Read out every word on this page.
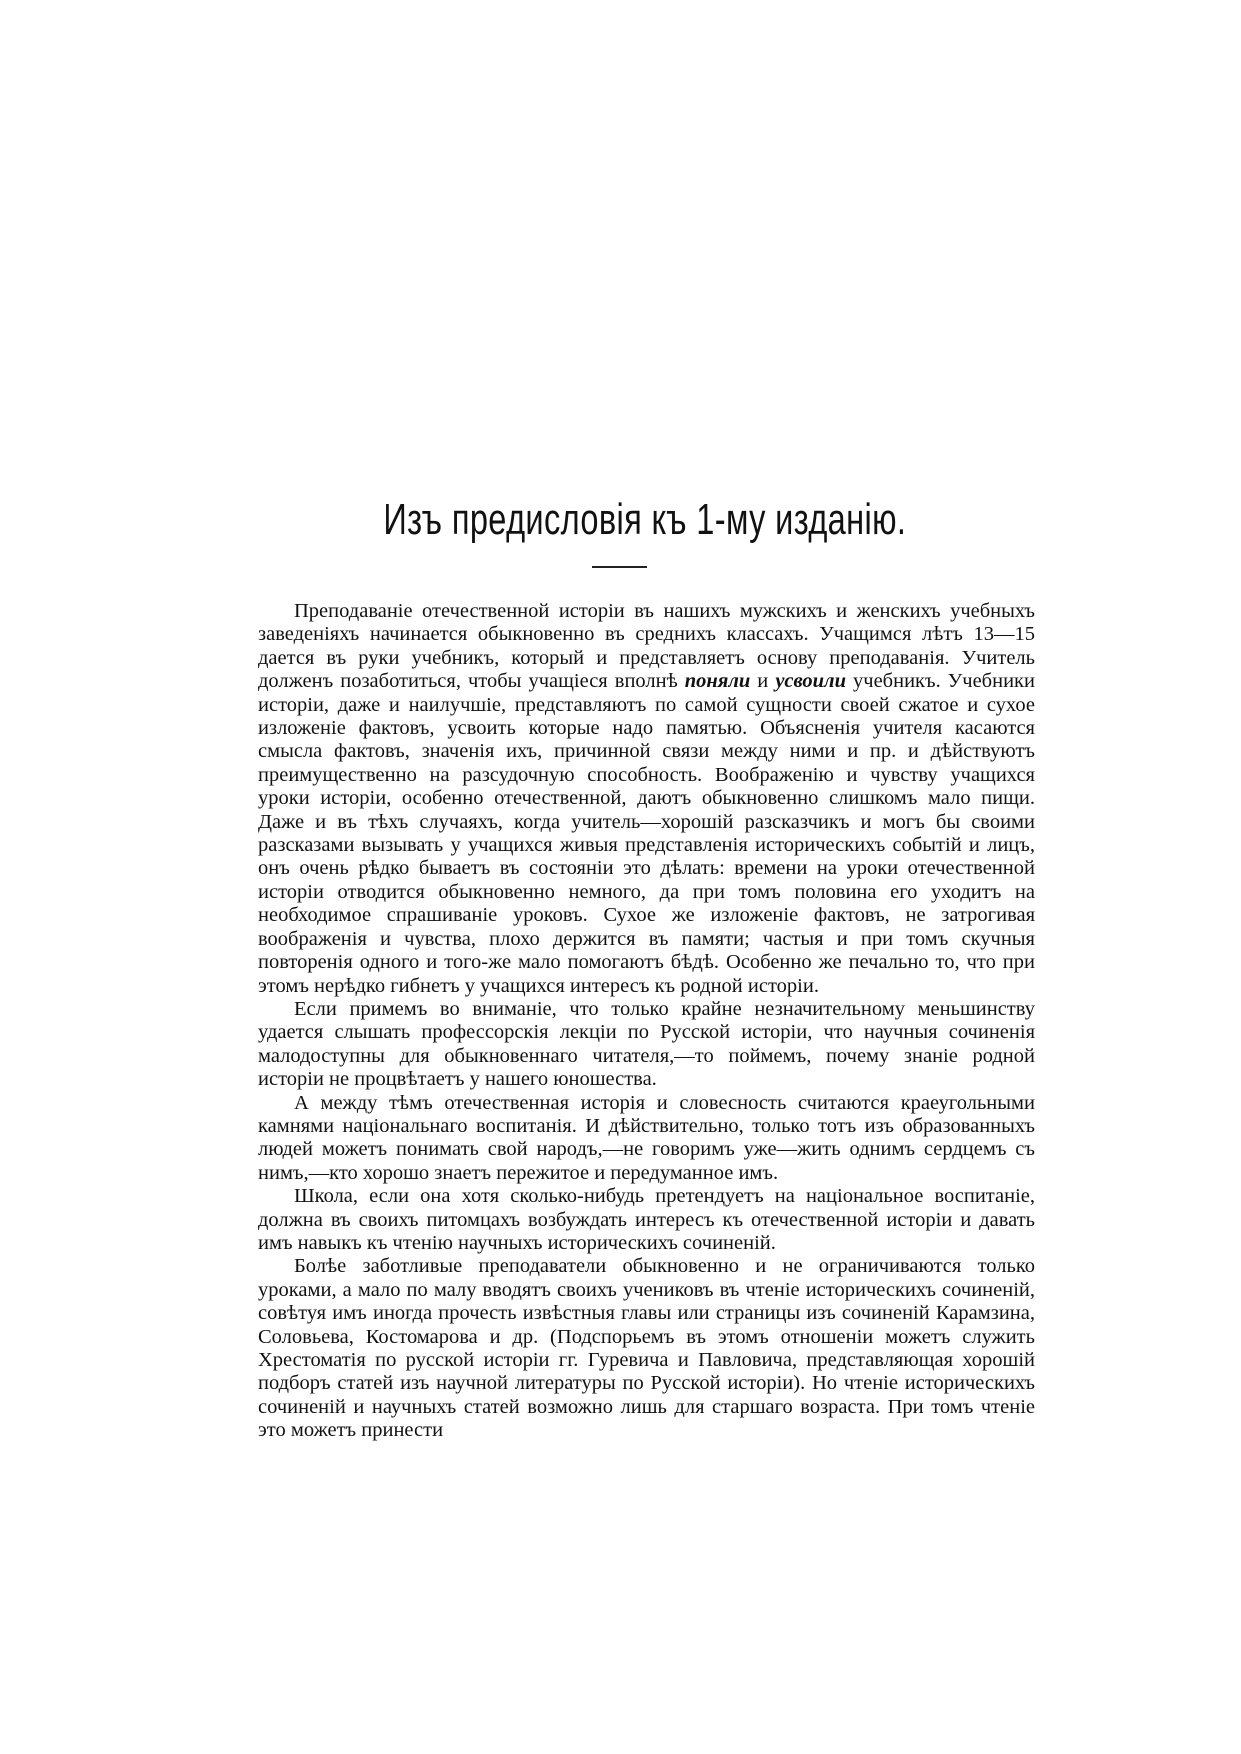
Изъ предисловія къ 1-му изданію.

Преподаваніе отечественной исторіи въ нашихъ мужскихъ и женскихъ учебныхъ заведеніяхъ начинается обыкновенно въ среднихъ классахъ. Учащимся лѣтъ 13—15 дается въ руки учебникъ, который и представляетъ основу преподаванія. Учитель долженъ позаботиться, чтобы учащіеся вполнѣ поняли и усвоили учебникъ. Учебники исторіи, даже и наилучшіе, представляютъ по самой сущности своей сжатое и сухое изложеніе фактовъ, усвоить которые надо памятью. Объясненія учителя касаются смысла фактовъ, значенія ихъ, причинной связи между ними и пр. и дѣйствуютъ преимущественно на разсудочную способность. Воображенію и чувству учащихся уроки исторіи, особенно отечественной, даютъ обыкновенно слишкомъ мало пищи. Даже и въ тѣхъ случаяхъ, когда учитель—хорошій разсказчикъ и могъ бы своими разсказами вызывать у учащихся живыя представленія историческихъ событій и лицъ, онъ очень рѣдко бываетъ въ состояніи это дѣлать: времени на уроки отечественной исторіи отводится обыкновенно немного, да при томъ половина его уходитъ на необходимое спрашиваніе уроковъ. Сухое же изложеніе фактовъ, не затрогивая воображенія и чувства, плохо держится въ памяти; частыя и при томъ скучныя повторенія одного и того-же мало помогаютъ бѣдѣ. Особенно же печально то, что при этомъ нерѣдко гибнетъ у учащихся интересъ къ родной исторіи.

Если примемъ во вниманіе, что только крайне незначительному меньшинству удается слышать профессорскія лекціи по Русской исторіи, что научныя сочиненія малодоступны для обыкновеннаго читателя,—то поймемъ, почему знаніе родной исторіи не процвѣтаетъ у нашего юношества.

А между тѣмъ отечественная исторія и словесность считаются краеугольными камнями національнаго воспитанія. И дѣйствительно, только тотъ изъ образованныхъ людей можетъ понимать свой народъ,—не говоримъ уже—жить однимъ сердцемъ съ нимъ,—кто хорошо знаетъ пережитое и передуманное имъ.

Школа, если она хотя сколько-нибудь претендуетъ на національное воспитаніе, должна въ своихъ питомцахъ возбуждать интересъ къ отечественной исторіи и давать имъ навыкъ къ чтенію научныхъ историческихъ сочиненій.

Болѣе заботливые преподаватели обыкновенно и не ограничиваются только уроками, а мало по малу вводятъ своихъ учениковъ въ чтеніе историческихъ сочиненій, совѣтуя имъ иногда прочесть извѣстныя главы или страницы изъ сочиненій Карамзина, Соловьева, Костомарова и др. (Подспорьемъ въ этомъ отношеніи можетъ служить Хрестоматія по русской исторіи гг. Гуревича и Павловича, представляющая хорошій подборъ статей изъ научной литературы по Русской исторіи). Но чтеніе историческихъ сочиненій и научныхъ статей возможно лишь для старшаго возраста. При томъ чтеніе это можетъ принести
